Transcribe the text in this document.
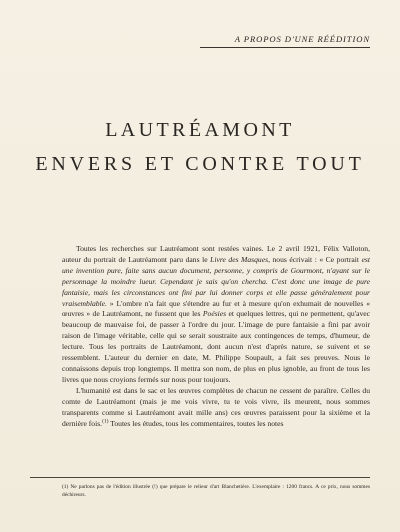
A PROPOS D'UNE RÉÉDITION
LAUTRÉAMONT
ENVERS ET CONTRE TOUT

Toutes les recherches sur Lautréamont sont restées vaines. Le 2 avril 1921, Félix Valloton, auteur du portrait de Lautréamont paru dans le Livre des Masques, nous écrivait : « Ce portrait est une invention pure, faite sans aucun document, personne, y compris de Gourmont, n'ayant sur le personnage la moindre lueur. Cependant je sais qu'on chercha. C'est donc une image de pure fantaisie, mais les circonstances ont fini par lui donner corps et elle passe généralement pour vraisemblable. » L'ombre n'a fait que s'étendre au fur et à mesure qu'on exhumait de nouvelles « œuvres » de Lautréamont, ne fussent que les Poésies et quelques lettres, qui ne permettent, qu'avec beaucoup de mauvaise foi, de passer à l'ordre du jour. L'image de pure fantaisie a fini par avoir raison de l'image véritable, celle qui se serait soustraite aux contingences de temps, d'humeur, de lecture. Tous les portraits de Lautréamont, dont aucun n'est d'après nature, se suivent et se ressemblent. L'auteur du dernier en date, M. Philippe Soupault, a fait ses preuves. Nous le connaissons depuis trop longtemps. Il mettra son nom, de plus en plus ignoble, au front de tous les livres que nous croyions fermés sur nous pour toujours.

L'humanité est dans le sac et les œuvres complètes de chacun ne cessent de paraître. Celles du comte de Lautréamont (mais je me vois vivre, tu te vois vivre, ils meurent, nous sommes transparents comme si Lautréamont avait mille ans) ces œuvres paraissent pour la sixième et la dernière fois.$^{(1)}$ Toutes les études, tous les commentaires, toutes les notes

(1) Ne parlons pas de l'édition illustrée (!) que prépare le relieur d'art Blanchetière. L'exemplaire : 1200 francs. A ce prix, nous sommes déchireurs.
